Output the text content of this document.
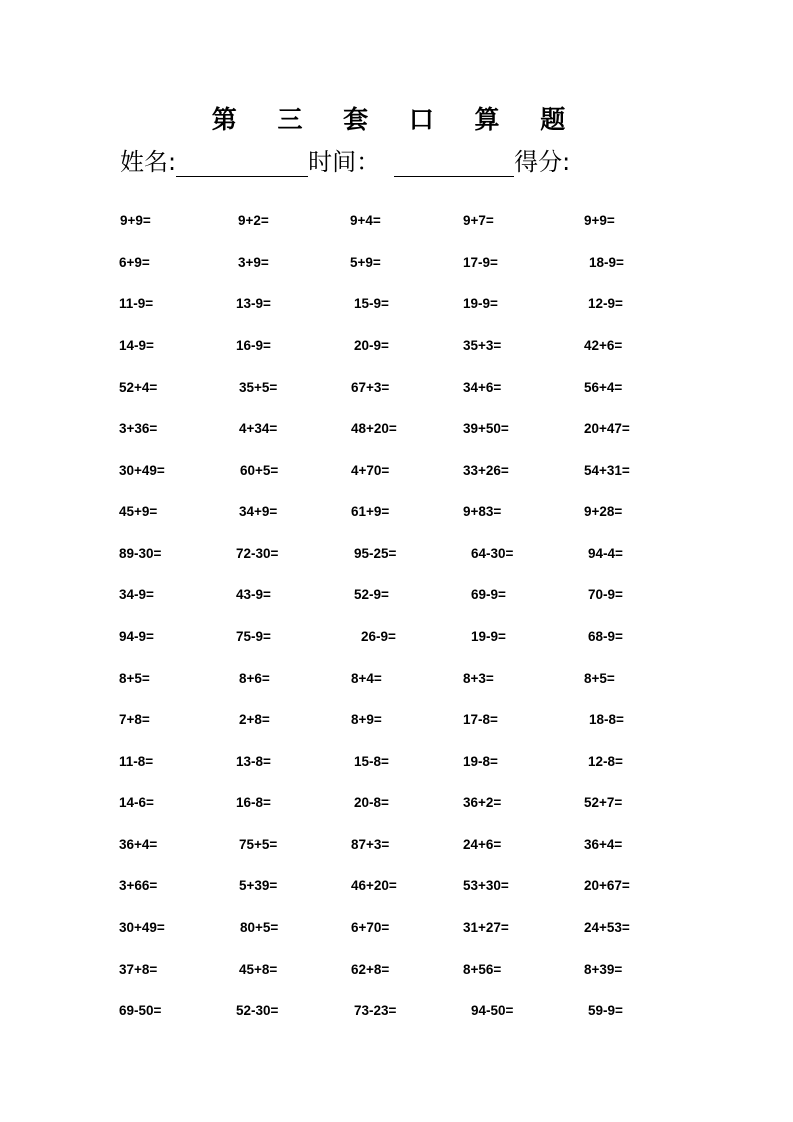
第 三 套 口 算 题
姓名:	时间：	得分:
9+9=	9+2=	9+4=	9+7=	9+9=
6+9=	3+9=	5+9=	17-9=	18-9=
11-9=	13-9=	15-9=	19-9=	12-9=
14-9=	16-9=	20-9=	35+3=	42+6=
52+4=	35+5=	67+3=	34+6=	56+4=
3+36=	4+34=	48+20=	39+50=	20+47=
30+49=	60+5=	4+70=	33+26=	54+31=
45+9=	34+9=	61+9=	9+83=	9+28=
89-30=	72-30=	95-25=	64-30=	94-4=
34-9=	43-9=	52-9=	69-9=	70-9=
94-9=	75-9=	26-9=	19-9=	68-9=
8+5=	8+6=	8+4=	8+3=	8+5=
7+8=	2+8=	8+9=	17-8=	18-8=
11-8=	13-8=	15-8=	19-8=	12-8=
14-6=	16-8=	20-8=	36+2=	52+7=
36+4=	75+5=	87+3=	24+6=	36+4=
3+66=	5+39=	46+20=	53+30=	20+67=
30+49=	80+5=	6+70=	31+27=	24+53=
37+8=	45+8=	62+8=	8+56=	8+39=
69-50=	52-30=	73-23=	94-50=	59-9=
